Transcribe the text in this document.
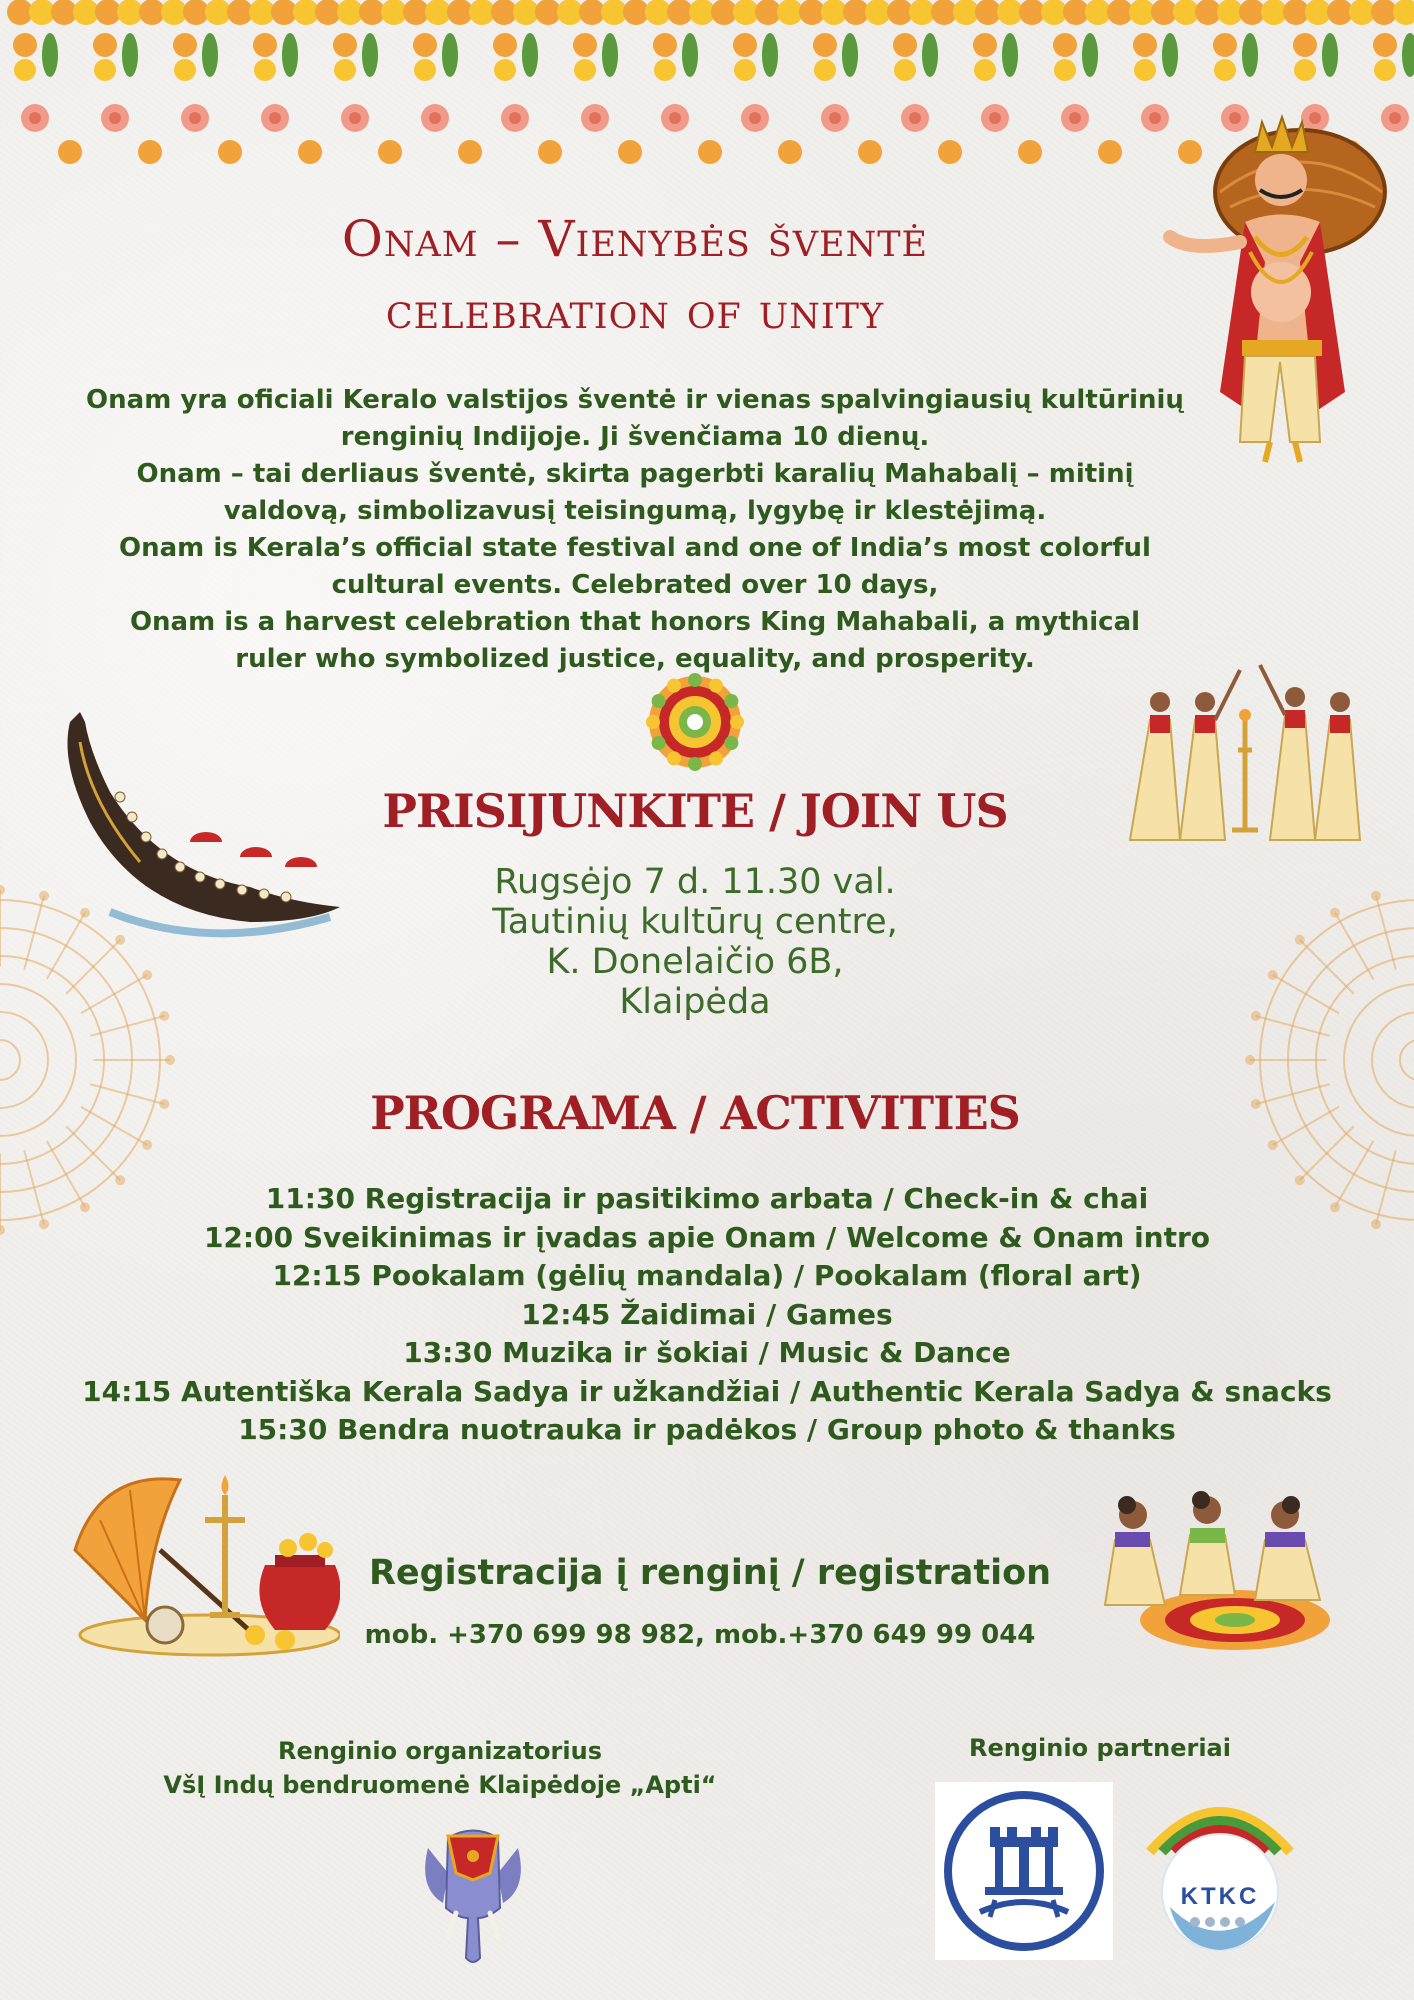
KTKC
Onam – Vienybės šventė
celebration of unity
Onam yra oficiali Keralo valstijos šventė ir vienas spalvingiausių kultūrinių
renginių Indijoje. Ji švenčiama 10 dienų.
Onam – tai derliaus šventė, skirta pagerbti karalių Mahabalį – mitinį
valdovą, simbolizavusį teisingumą, lygybę ir klestėjimą.
Onam is Kerala’s official state festival and one of India’s most colorful
cultural events. Celebrated over 10 days,
Onam is a harvest celebration that honors King Mahabali, a mythical
ruler who symbolized justice, equality, and prosperity.
PRISIJUNKITE / JOIN US
Rugsėjo 7 d. 11.30 val.
Tautinių kultūrų centre,
K. Donelaičio 6B,
Klaipėda
PROGRAMA / ACTIVITIES
11:30 Registracija ir pasitikimo arbata / Check-in & chai
12:00 Sveikinimas ir įvadas apie Onam / Welcome & Onam intro
12:15 Pookalam (gėlių mandala) / Pookalam (floral art)
12:45 Žaidimai / Games
13:30 Muzika ir šokiai / Music & Dance
14:15 Autentiška Kerala Sadya ir užkandžiai / Authentic Kerala Sadya & snacks
15:30 Bendra nuotrauka ir padėkos / Group photo & thanks
Registracija į renginį / registration
mob. +370 699 98 982, mob.+370 649 99 044
Renginio organizatorius
VšĮ Indų bendruomenė Klaipėdoje „Apti“
Renginio partneriai
